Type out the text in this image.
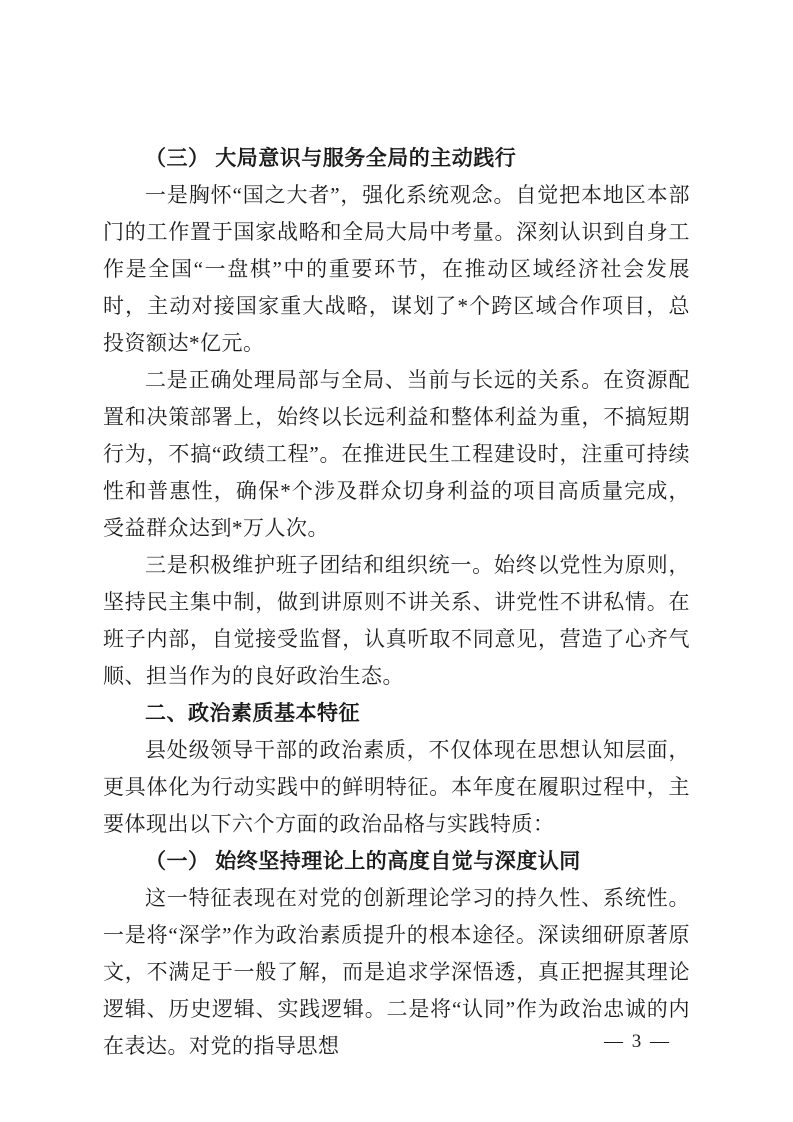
（三） 大局意识与服务全局的主动践行

一是胸怀“国之大者”，强化系统观念。自觉把本地区本部门的工作置于国家战略和全局大局中考量。深刻认识到自身工作是全国“一盘棋”中的重要环节，在推动区域经济社会发展时，主动对接国家重大战略，谋划了*个跨区域合作项目，总投资额达*亿元。

二是正确处理局部与全局、当前与长远的关系。在资源配置和决策部署上，始终以长远利益和整体利益为重，不搞短期行为，不搞“政绩工程”。在推进民生工程建设时，注重可持续性和普惠性，确保*个涉及群众切身利益的项目高质量完成，受益群众达到*万人次。

三是积极维护班子团结和组织统一。始终以党性为原则，坚持民主集中制，做到讲原则不讲关系、讲党性不讲私情。在班子内部，自觉接受监督，认真听取不同意见，营造了心齐气顺、担当作为的良好政治生态。

二、政治素质基本特征

县处级领导干部的政治素质，不仅体现在思想认知层面，更具体化为行动实践中的鲜明特征。本年度在履职过程中，主要体现出以下六个方面的政治品格与实践特质：

（一） 始终坚持理论上的高度自觉与深度认同

这一特征表现在对党的创新理论学习的持久性、系统性。一是将“深学”作为政治素质提升的根本途径。深读细研原著原文，不满足于一般了解，而是追求学深悟透，真正把握其理论逻辑、历史逻辑、实践逻辑。二是将“认同”作为政治忠诚的内在表达。对党的指导思想	— 3 —
